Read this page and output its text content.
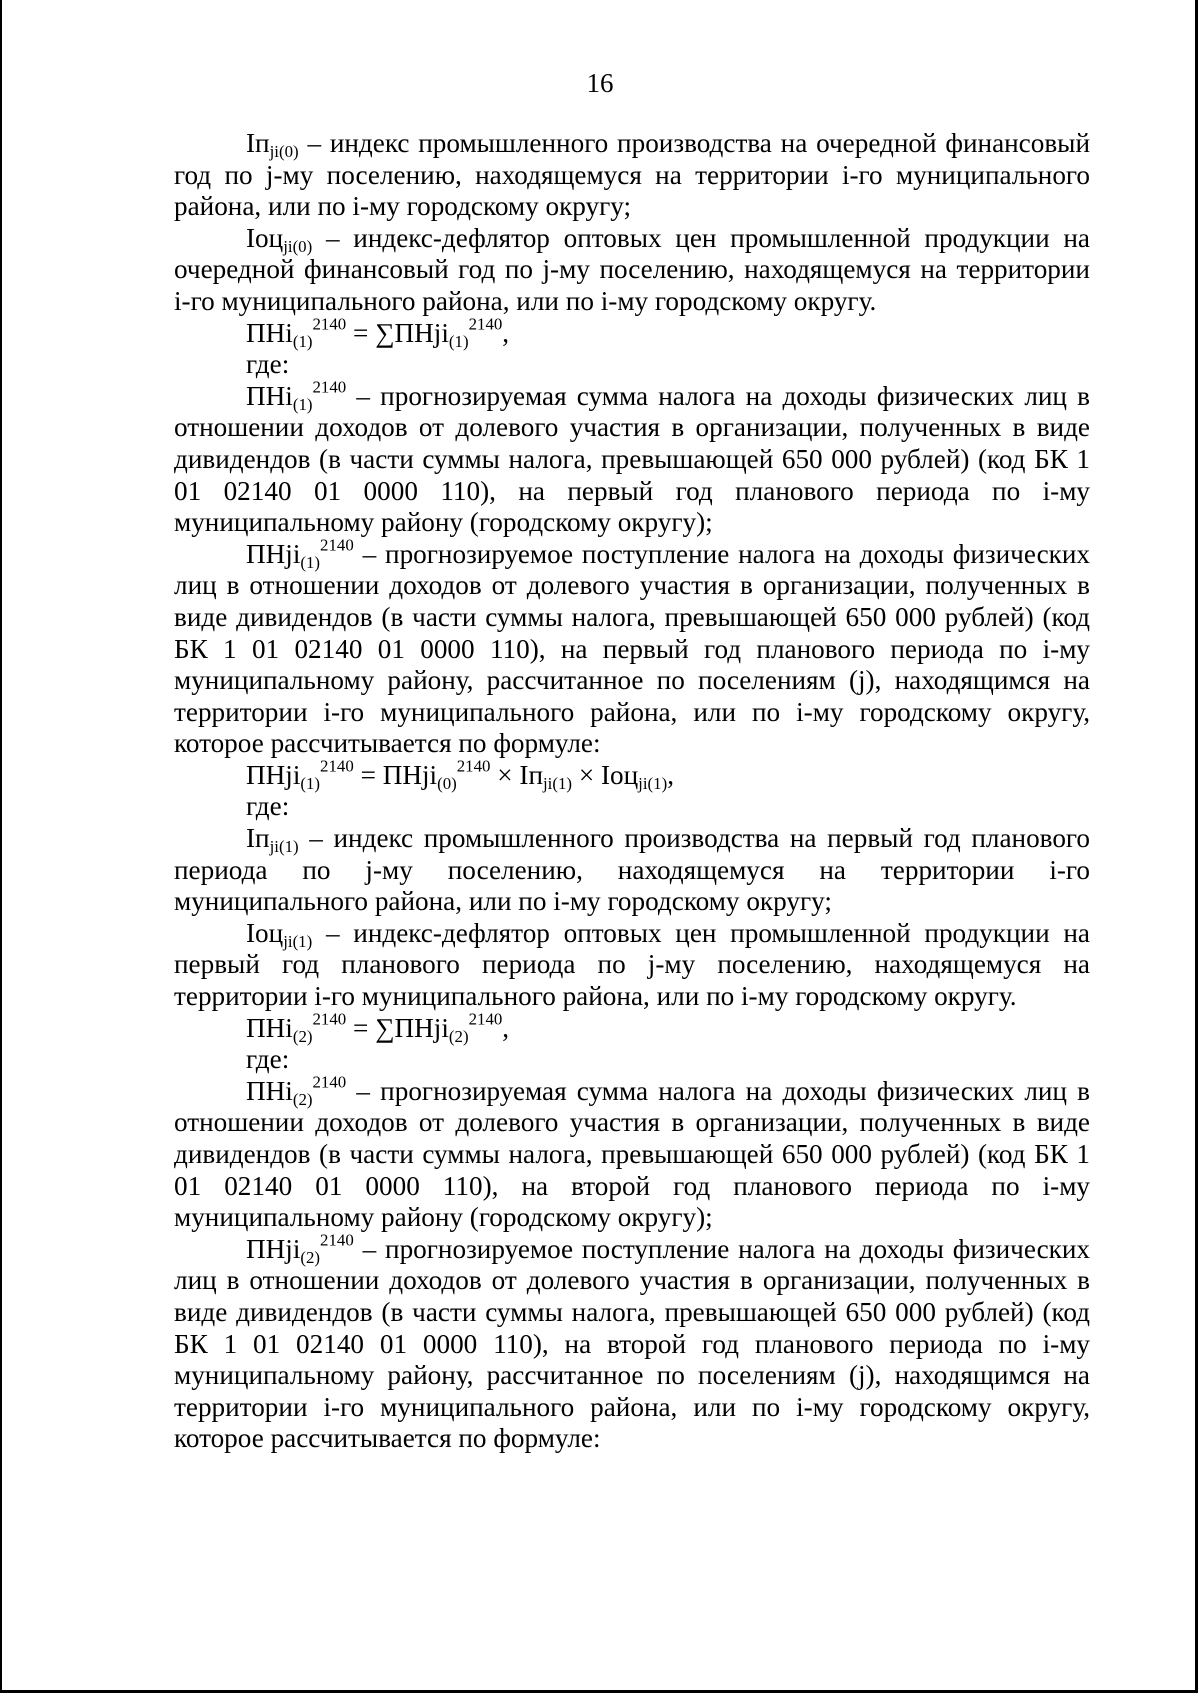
16

$Iп_{ji(0)}$ – индекс промышленного производства на очередной финансовый год по j-му поселению, находящемуся на территории i-го муниципального района, или по i-му городскому округу;

Iоц$_{ji(0)}$ – индекс-дефлятор оптовых цен промышленной продукции на очередной финансовый год по j-му поселению, находящемуся на территории i-го муниципального района, или по i-му городскому округу.

ПНi$_{(1)}^{2140}$ = ∑ПНji$_{(1)}^{2140}$,

где:

ПНi$_{(1)}^{2140}$ – прогнозируемая сумма налога на доходы физических лиц в отношении доходов от долевого участия в организации, полученных в виде дивидендов (в части суммы налога, превышающей 650 000 рублей) (код БК 1 01 02140 01 0000 110), на первый год планового периода по i-му муниципальному району (городскому округу);

ПНji$_{(1)}^{2140}$ – прогнозируемое поступление налога на доходы физических лиц в отношении доходов от долевого участия в организации, полученных в виде дивидендов (в части суммы налога, превышающей 650 000 рублей) (код БК 1 01 02140 01 0000 110), на первый год планового периода по i-му муниципальному району, рассчитанное по поселениям (j), находящимся на территории i-го муниципального района, или по i-му городскому округу, которое рассчитывается по формуле:

ПНji$_{(1)}^{2140}$ = ПНji$_{(0)}^{2140}$ × $Iп_{ji(1)} \times Iоц_{ji(1)}$,

где:

$Iп_{ji(1)}$ – индекс промышленного производства на первый год планового периода по j-му поселению, находящемуся на территории i-го муниципального района, или по i-му городскому округу;

Iоц$_{ji(1)}$ – индекс-дефлятор оптовых цен промышленной продукции на первый год планового периода по j-му поселению, находящемуся на территории i-го муниципального района, или по i-му городскому округу.

ПНi$_{(2)}^{2140}$ = ∑ПНji$_{(2)}^{2140}$,

где:

ПНi$_{(2)}^{2140}$ – прогнозируемая сумма налога на доходы физических лиц в отношении доходов от долевого участия в организации, полученных в виде дивидендов (в части суммы налога, превышающей 650 000 рублей) (код БК 1 01 02140 01 0000 110), на второй год планового периода по i-му муниципальному району (городскому округу);

ПНji$_{(2)}^{2140}$ – прогнозируемое поступление налога на доходы физических лиц в отношении доходов от долевого участия в организации, полученных в виде дивидендов (в части суммы налога, превышающей 650 000 рублей) (код БК 1 01 02140 01 0000 110), на второй год планового периода по i-му муниципальному району, рассчитанное по поселениям (j), находящимся на территории i-го муниципального района, или по i-му городскому округу, которое рассчитывается по формуле:
